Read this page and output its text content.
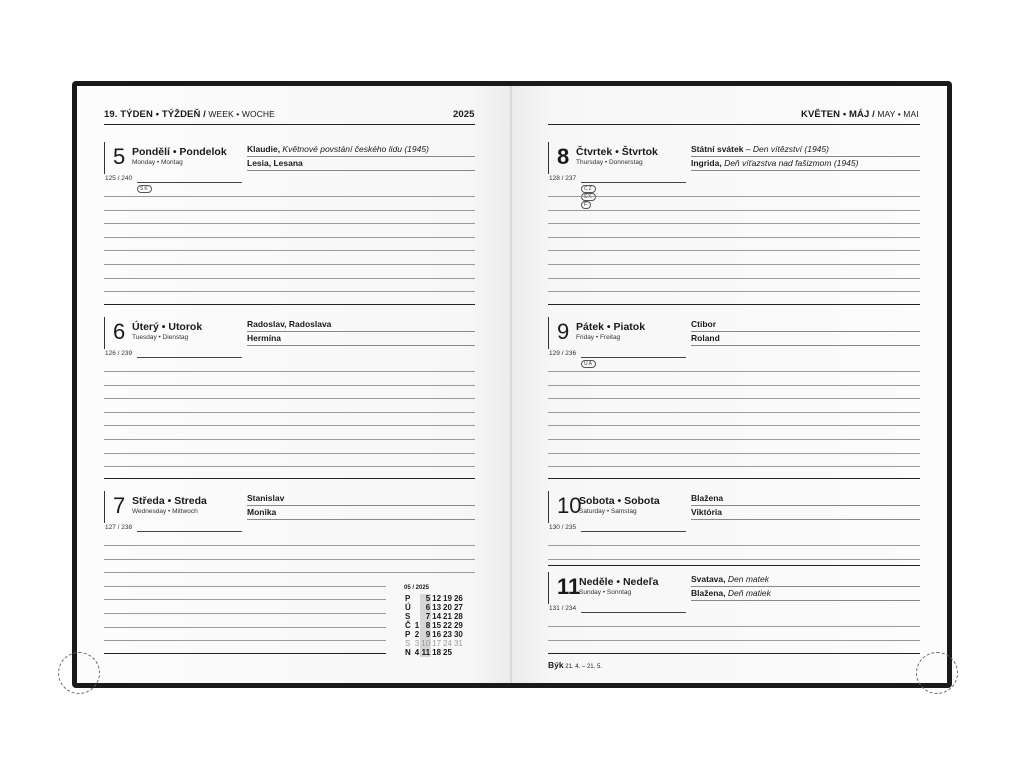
19. TÝDEN • TÝŽDEŇ / WEEK • WOCHE	2025	KVĚTEN • MÁJ / MAY • MAI
5 Pondělí • Pondelok
Monday • Montag
125 / 240
SK
Klaudie, Květnové povstání českého lidu (1945)
Lesia, Lesana
6 Úterý • Utorok
Tuesday • Dienstag
126 / 239
Radoslav, Radoslava
Hermína
7 Středa • Streda
Wednesday • Mittwoch
127 / 238
Stanislav
Monika
8 Čtvrtek • Štvrtok
Thursday • Donnerstag
128 / 237
CZSKF
Státní svátek – Den vítězství (1945)
Ingrida, Deň víťazstva nad fašizmom (1945)
9 Pátek • Piatok
Friday • Freitag
129 / 236
UA
Ctibor
Roland
10
Sobota • Sobota
Saturday • Samstag
130 / 235
Blažena
Viktória
11
Neděle • Nedeľa
Sunday • Sonntag
131 / 234
Svatava, Den matek
Blažena, Deň matiek
05 / 2025
P		5	12	19	26
Ú		6	13	20	27
S		7	14	21	28
Č	1	8	15	22	29
P	2	9	16	23	30
S	3	10	17	24	31
N	4	11	18	25	
Býk 21. 4. – 21. 5.
